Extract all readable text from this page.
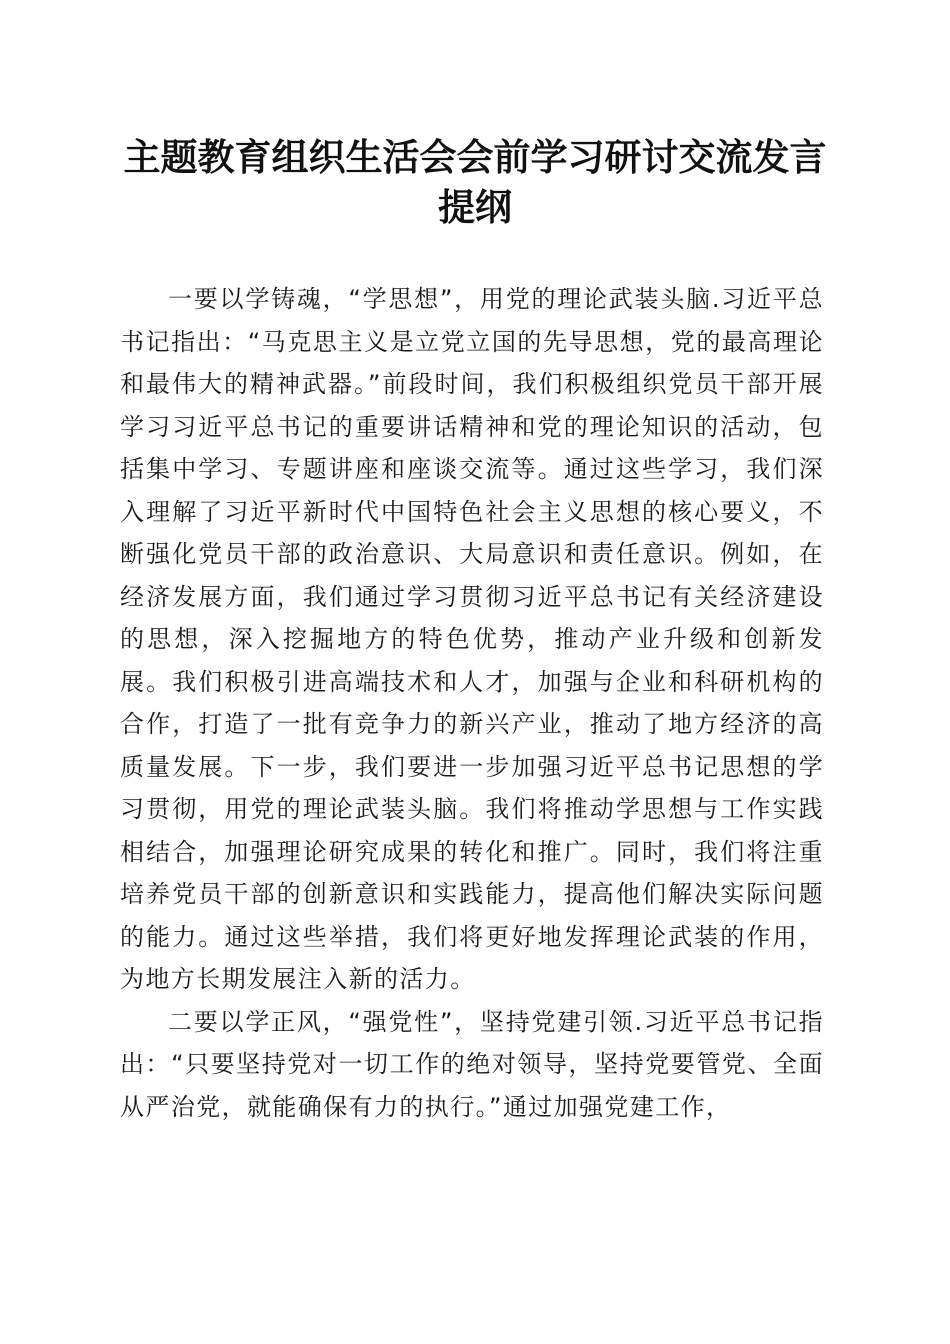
主题教育组织生活会会前学习研讨交流发言提纲

一要以学铸魂，“学思想”，用党的理论武装头脑.习近平总书记指出：“马克思主义是立党立国的先导思想，党的最高理论和最伟大的精神武器。”前段时间，我们积极组织党员干部开展学习习近平总书记的重要讲话精神和党的理论知识的活动，包括集中学习、专题讲座和座谈交流等。通过这些学习，我们深入理解了习近平新时代中国特色社会主义思想的核心要义，不断强化党员干部的政治意识、大局意识和责任意识。例如，在经济发展方面，我们通过学习贯彻习近平总书记有关经济建设的思想，深入挖掘地方的特色优势，推动产业升级和创新发展。我们积极引进高端技术和人才，加强与企业和科研机构的合作，打造了一批有竞争力的新兴产业，推动了地方经济的高质量发展。下一步，我们要进一步加强习近平总书记思想的学习贯彻，用党的理论武装头脑。我们将推动学思想与工作实践相结合，加强理论研究成果的转化和推广。同时，我们将注重培养党员干部的创新意识和实践能力，提高他们解决实际问题的能力。通过这些举措，我们将更好地发挥理论武装的作用，为地方长期发展注入新的活力。

二要以学正风，“强党性”，坚持党建引领.习近平总书记指出：“只要坚持党对一切工作的绝对领导，坚持党要管党、全面从严治党，就能确保有力的执行。”通过加强党建工作，
